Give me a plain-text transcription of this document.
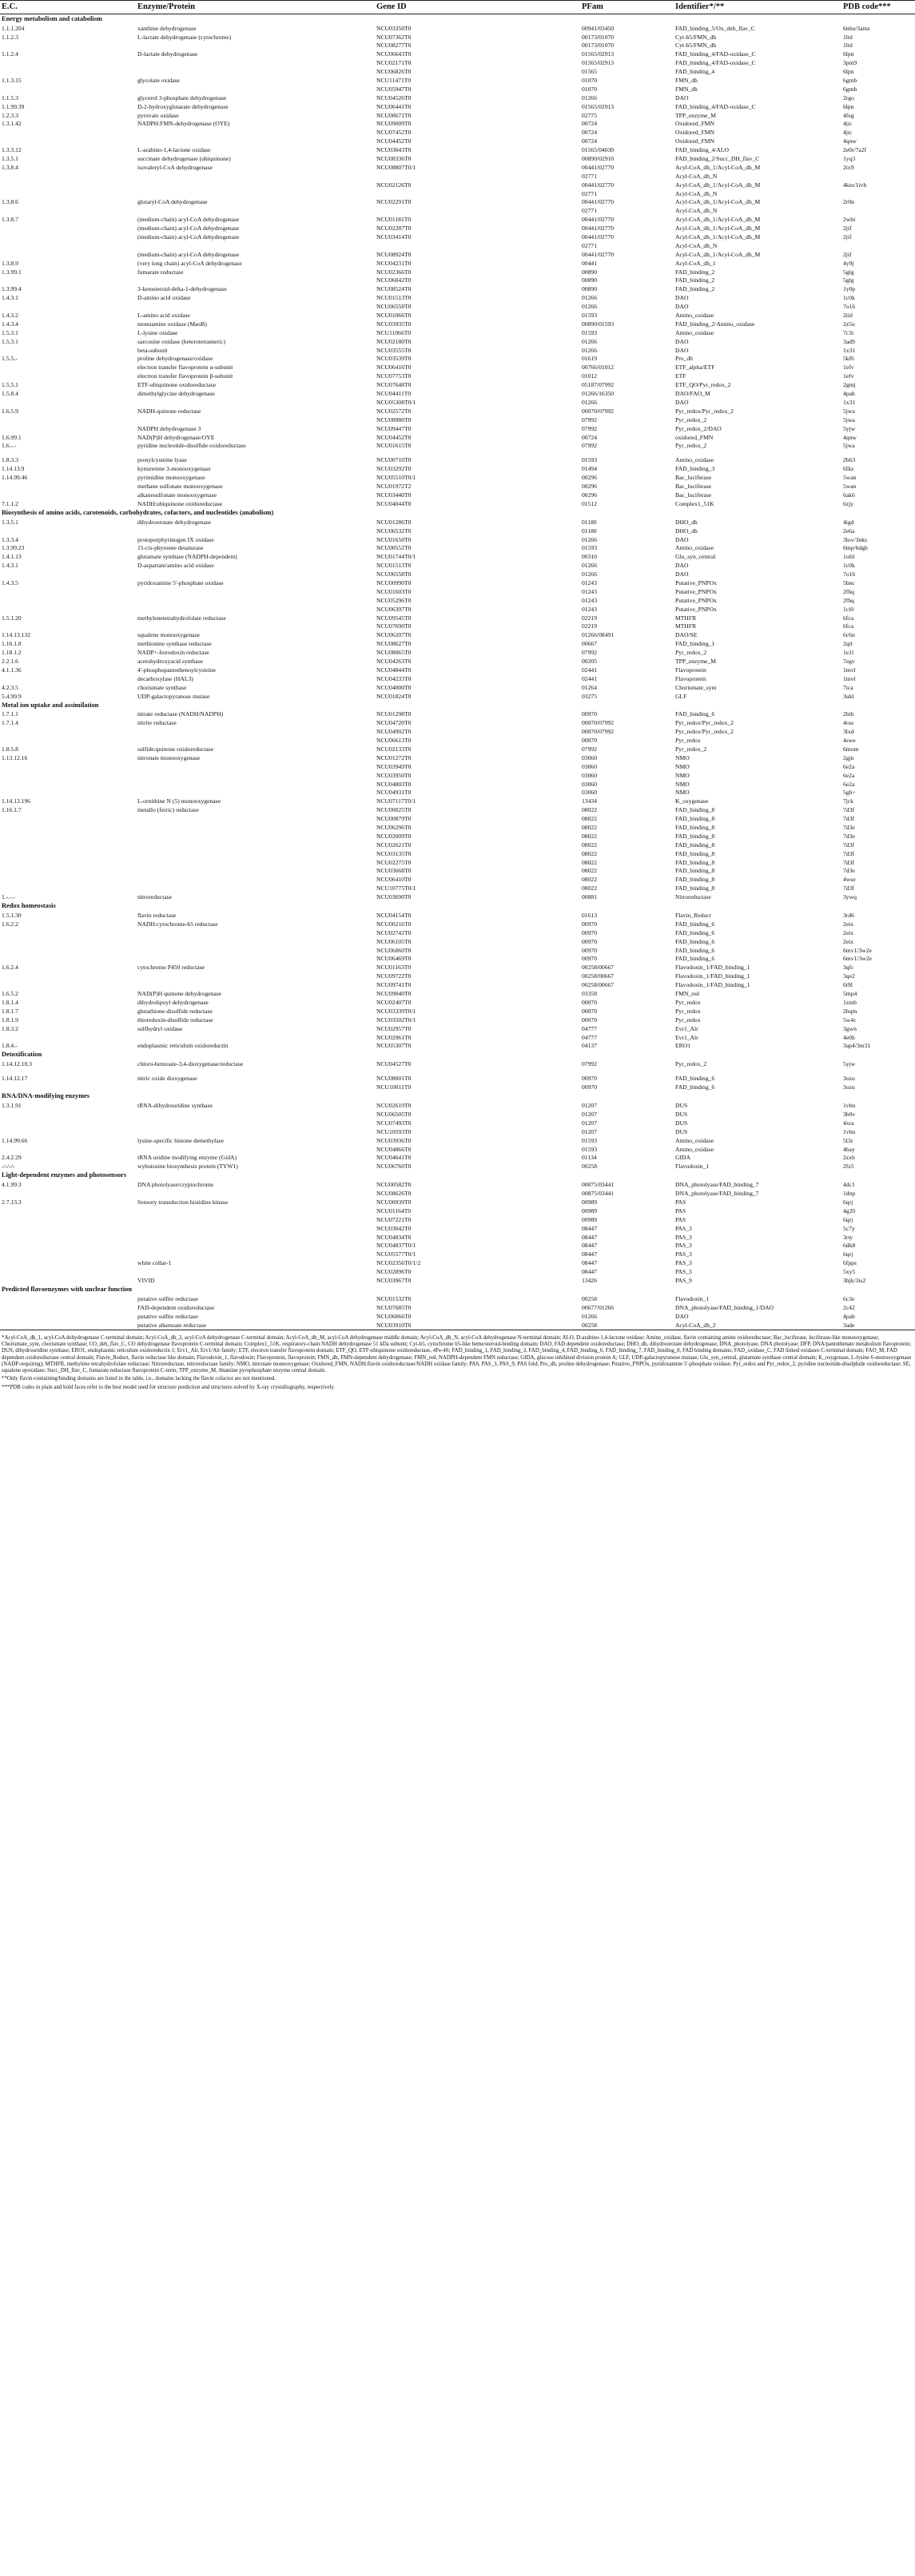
E.C.	Enzyme/Protein	Gene ID	PFam	Identifier*/**	PDB code***
Energy metabolism and catabolism					
1.1.1.204	xanthine dehydrogenase	NCU03350T0	00941/03450	FAD_binding_5/Ox_deh_flav_C	6nbu/3amz
1.1.2.3	L-lactate dehydrogenase (cytochrome)	NCU07362T0	00173/01070	Cyt-b5/FMN_dh	1ltd
		NCU08277T0	00173/01070	Cyt-b5/FMN_dh	1ltd
1.1.2.4	D-lactate dehydrogenase	NCU06643T0	01565/02913	FAD_binding_4/FAD-oxidase_C	6lpn
		NCU02171T0	01565/02913	FAD_binding_4/FAD-oxidase_C	3pm9
		NCU06826T0	01565	FAD_binding_4	6lpn
1.1.3.15	glycolate oxidase	NCU11471T0	01070	FMN_dh	6gmb
		NCU05947T0	01070	FMN_dh	6gmb
1.1.5.3	glycerol 3-phosphate dehydrogenase	NCU04526T0	01266	DAO	2rgo
1.1.99.39	D-2-hydroxyglutarate dehydrogenase	NCU06441T0	01565/02913	FAD_binding_4/FAD-oxidase_C	6lpn
1.2.3.3	pyruvate oxidase	NCU08671T0	02775	TPP_enzyme_M	4feg
1.3.1.42	NADPH:FMN-dehydrogenase (OYE)	NCU09009T0	00724	Oxidored_FMN	4jic
		NCU07452T0	00724	Oxidored_FMN	4jic
		NCU04452T0	00724	Oxidored_FMN	4qnw
1.3.3.12	L-arabino-1,4-lactone oxidase	NCU03043T0	01565/04030	FAD_binding_4/ALO	2e0r/7a2f
1.3.5.1	succinate dehydrogenase (ubiquinone)	NCU08336T0	00890/02910	FAD_binding_2/Succ_DH_flav_C	1yq3
1.3.8.4	isovaleryl-CoA dehydrogenase	NCU08807T0/1	00441/02770	Acyl-CoA_dh_1/Acyl-CoA_dh_M	2ix9
			02771	Acyl-CoA_dh_N	
		NCU02126T0	00441/02770	Acyl-CoA_dh_1/Acyl-CoA_dh_M	4kto/1ivh
			02771	Acyl-CoA_dh_N	
1.3.8.6	glutaryl-CoA dehydrogenase	NCU02291T0	00441/02770	Acyl-CoA_dh_1/Acyl-CoA_dh_M	2r0n
			02771	Acyl-CoA_dh_N	
1.3.8.7	(medium-chain) acyl-CoA dehydrogenase	NCU01181T0	00441/02770	Acyl-CoA_dh_1/Acyl-CoA_dh_M	2wbi
	(medium-chain) acyl-CoA dehydrogenase	NCU02287T0	00441/02770	Acyl-CoA_dh_1/Acyl-CoA_dh_M	2jif
	(medium-chain) acyl-CoA dehydrogenase	NCU03414T0	00441/02770	Acyl-CoA_dh_1/Acyl-CoA_dh_M	2jif
			02771	Acyl-CoA_dh_N	
	(medium-chain) acyl-CoA dehydrogenase	NCU08924T0	00441/02770	Acyl-CoA_dh_1/Acyl-CoA_dh_M	2jif
1.3.8.9	(very long chain) acyl-CoA dehydrogenase	NCU04231T0	00441	Acyl-CoA_dh_1	4y9j
1.3.99.1	fumarate reductase	NCU02366T0	00890	FAD_binding_2	5glg
		NCU06042T0	00890	FAD_binding_2	5glg
1.3.99.4	3-ketosteroid-delta-1-dehydrogenase	NCU08524T0	00890	FAD_binding_2	1y0p
1.4.3.1	D-amino acid oxidase	NCU01513T0	01266	DAO	1c0k
		NCU06558T0	01266	DAO	7o16
1.4.3.2	L-amino acid oxidase	NCU01066T0	01593	Amino_oxidase	2iid
1.4.3.4	monoamine oxidase (MaoB)	NCU03935T0	00890/01593	FAD_binding_2/Amino_oxidase	2z5u
1.5.3.1	L-lysine oxidase	NCU11066T0	01593	Amino_oxidase	7c3i
1.5.3.1	sarcosine oxidase (heterotetrameric)	NCU02180T0	01266	DAO	3ad9
	beta-subunit	NCU03555T0	01266	DAO	1x31
1.5.5.-	proline dehydrogenase/oxidase	NCU03539T0	01619	Pro_dh	5kf6
	electron transfer flavoprotein α-subunit	NCU06416T0	00766/01012	ETF_alpha/ETF	1efv
	electron transfer flavoprotein β-subunit	NCU07753T0	01012	ETF	1efv
1.5.5.1	ETF-ubiquinone oxidoreductase	NCU07648T0	05187/07992	ETF_QO/Pyr_redox_2	2gmj
1.5.8.4	dimethylglycine dehydrogenase	NCU04411T0	01266/16350	DAO/FAO_M	4pab
		NCU05308T0/1	01266	DAO	1x31
1.6.5.9	NADH-quinone reductase	NCU02572T0	00070/07992	Pyr_redox/Pyr_redox_2	5jwa
		NCU08980T0	07992	Pyr_redox_2	5jwa
	NADPH dehydrogenase 3	NCU09447T0	07992	Pyr_redox_2/DAO	5yjw
1.6.99.1	NAD(P)H dehydrogenase/OYE	NCU04452T0	00724	oxidored_FMN	4qnw
1.6.-.-	pyridine nucleotide-disulfide oxidoreductase	NCU01615T0	07992	Pyr_redox_2	5jwa
1.8.3.3	prenylcysteine lyase	NCU00710T0	01593	Amino_oxidase	2b63
1.14.13.9	kynurenine 3-monooxygenase	NCU03292T0	01494	FAD_binding_3	6fkz
1.14.99.46	pyrimidine monooxygenase	NCU05510T0/1	00296	Bac_luciferase	5wan
	methane sulfonate monooxygenase	NCU01972T2	00296	Bac_luciferase	5wan
	alkanesulfonate monooxygenase	NCU03440T0	00296	Bac_luciferase	6ak6
7.1.1.2	NADH:ubiquinone oxidoreductase	NCU04044T0	01512	Complex1_51K	6zjy
Biosynthesis of amino acids, carotenoids, carbohydrates, cofactors, and nucleotides (anabolism)					
1.3.5.1	dihydroorotate dehydrogenase	NCU01286T0	01180	DHO_dh	4igd
		NCU06532T0	01180	DHO_dh	2e6a
1.3.3.4	protoporphyrinogen IX oxidase	NCU01650T0	01266	DAO	3lov/3nks
1.3.99.23	15-cis-phytoene desaturase	NCU00552T0	01593	Amino_oxidase	6tnp/6dgh
1.4.1.13	glutamate synthase (NADPH-dependent)	NCU01744T0/1	00310	Glu_syn_central	1ofd
1.4.3.1	D-aspartate/amino acid oxidase	NCU01513T0	01266	DAO	1c0k
		NCU06558T0	01266	DAO	7o16
1.4.3.5	pyridoxamine 5'-phosphate oxidase	NCU00990T0	01243	Putative_PNPOx	5bnc
		NCU01603T0	01243	Putative_PNPOx	2fhq
		NCU05296T0	01243	Putative_PNPOx	2fhq
		NCU06397T0	01243	Putative_PNPOx	1ci0
1.5.1.20	methylenetetrahydrofolate reductase	NCU09545T0	02219	MTHFR	6fca
		NCU07690T0	02219	MTHFR	6fca
1.14.13.132	squalene monooxygenase	NCU06207T0	01266/08491	DAO/SE	6c6n
1.16.1.8	methionine synthase reductase	NCU08627T0	00667	FAD_binding_1	2qtl
1.18.1.2	NADP+-ferredoxin reductase	NCU08065T0	07992	Pyr_redox_2	1e1l
2.2.1.6	acetohydroxyacid synthase	NCU04263T0	00205	TPP_enzyme_M	7egv
4.1.1.36	4'-phosphopantothenoylcysteine	NCU04844T0	02441	Flavoprotein	1mvl
	decarboxylase (HAL3)	NCU04233T0	02441	Flavoprotein	1mvl
4.2.3.5	chorismate synthase	NCU04000T0	01264	Chorismate_synt	7ica
5.4.99.9	UDP-galactopyranose mutase	NCU01824T0	03275	GLF	3ukl
Metal ion uptake and assimilation					
1.7.1.1	nitrate reductase (NADH/NADPH)	NCU01298T0	00970	FAD_binding_6	2bih
1.7.1.4	nitrite reductase	NCU04720T0	00070/07992	Pyr_redox/Pyr_redox_2	4rsu
		NCU04902T0	00070/07992	Pyr_redox/Pyr_redox_2	3lxd
		NCU06613T0	00070	Pyr_redox	4swe
1.8.5.8	sulfide:quinone oxidoreductase	NCU02133T0	07992	Pyr_redox_2	6mom
1.13.12.16	nitronate monooxygenase	NCU01272T0	03060	NMO	2gjn
		NCU03949T0	03060	NMO	6e2a
		NCU03950T0	03060	NMO	6e2a
		NCU04803T0	03060	NMO	6e2a
		NCU04931T0	03060	NMO	5gh+
1.14.13.196	L-ornithine N (5) monooxygenase	NCU07117T0/1	13434	K_oxygenase	7jck
1.16.1.7	metallo (ferric) reductase	NCU00025T0	08022	FAD_binding_8	7d3f
		NCU00879T0	08022	FAD_binding_8	7d3f
		NCU06296T0	08022	FAD_binding_8	7d3e
		NCU02009T0	08022	FAD_binding_8	7d3e
		NCU02621T0	08022	FAD_binding_8	7d3f
		NCU03135T0	08022	FAD_binding_8	7d3f
		NCU02275T0	08022	FAD_binding_8	7d3f
		NCU03668T0	08022	FAD_binding_8	7d3e
		NCU06410T0	08022	FAD_binding_8	4wse
		NCU10775T0/1	08022	FAD_binding_8	7d3f
1.-.-.-	nitroreductase	NCU03690T0	00881	Nitroreductase	3ywq
Redox homeostasis					
1.5.1.30	flavin reductase	NCU04154T0	01613	Flavin_Reduct	3rd6
1.6.2.2	NADH:cytochrome-b5 reductase	NCU00216T0	00970	FAD_binding_6	2eix
		NCU02742T0	00970	FAD_binding_6	2eix
		NCU06105T0	00970	FAD_binding_6	2eix
		NCU06060T0	00970	FAD_binding_6	6mv1/3w2e
		NCU06469T0	00970	FAD_binding_6	6mv1/3w2e
1.6.2.4	cytochrome P450 reductase	NCU01163T0	00258/00667	Flavodoxin_1/FAD_binding_1	3qfc
		NCU09722T0	00258/00667	Flavodoxin_1/FAD_binding_1	3qe2
		NCU09741T0	00258/00667	Flavodoxin_1/FAD_binding_1	6t9l
1.6.5.2	NAD(P)H quinone dehydrogenase	NCU09040T0	03358	FMN_red	5mp4
1.8.1.4	dihydrolipoyl dehydrogenase	NCU02407T0	00070	Pyr_redox	1zmb
1.8.1.7	glutathione-disulfide reductase	NCU03339T0/1	00070	Pyr_redox	2hqm
1.8.1.9	thioredoxin-disulfide reductase	NCU03502T0/1	00070	Pyr_redox	5w4c
1.8.3.2	sulfhydryl oxidase	NCU02957T0	04777	Evr1_Alr	3gwn
		NCU02961T0	04777	Evr1_Alr	4e0h
1.8.4.-	endoplasmic reticulum oxidoreductin	NCU05307T0	04137	ERO1	3ap4/3m31
Detoxification					
1.14.12.10.3	chloro-benzoate-3,4-dioxygenase/reductase	NCU04527T0	07992	Pyr_redox_2	5yjw
1.14.12.17	nitric oxide dioxygenase	NCU08001T0	00970	FAD_binding_6	3ozu
		NCU10011T0	00970	FAD_binding_6	3ozu
RNA/DNA-modifying enzymes					
1.3.1.91	tRNA-dihydrouridine synthase	NCU02619T0	01207	DUS	1vhn
		NCU06505T0	01207	DUS	3b0v
		NCU07493T0	01207	DUS	4xra
		NCU10593T0	01207	DUS	1vhn
1.14.99.66	lysine-specific histone demethylase	NCU03936T0	01593	Amino_oxidase	5l3c
		NCU04866T0	01593	Amino_oxidase	4bay
2.4.2.29	tRNA uridine modifying enzyme (GidA)	NCU04641T0	01134	GIDA	2zxh
-/-/-/-	wybutosine biosynthesis protein (TYW1)	NCU06760T0	00258	Flavodoxin_1	2fz5
Light-dependent enzymes and photosensors					
4.1.99.3	DNA photolyase/cryptochrome	NCU00582T0	00875/03441	DNA_photolyase/FAD_binding_7	4dc1
		NCU08626T0	00875/03441	DNA_photolyase/FAD_binding_7	1dnp
2.7.13.3	Sensory transduction histidine kinase	NCU00939T0	00989	PAS	6qrj
		NCU01164T0	00989	PAS	4g20
		NCU07221T0	00989	PAS	6qrj
		NCU03042T0	08447	PAS_3	5c7y
		NCU04834T0	08447	PAS_3	3rty
		NCU04837T0/1	08447	PAS_3	6dk8
		NCU05577T0/1	08447	PAS_3	6qrj
	white collar-1	NCU02356T0/1/2	08447	PAS_3	6fpps
		NCU02896T0	08447	PAS_3	5xy5
	VIVID	NCU03967T0	13426	PAS_9	3hjk/3is2
Predicted flavoenzymes with unclear function					
	putative sulfite reductase	NCU01532T0	00258	Flavodoxin_1	6c3e
	FAD-dependent oxidoreductase	NCU07685T0	00677/01266	DNA_photolyase/FAD_binding_1/DAO	2c42
	putative sulfite reductase	NCU06066T0	01266	DAO	4pab
	putative alkenoate reductase	NCU03910T0	00258	Acyl-CoA_dh_2	3ade
*Acyl-CoA_dh_1, acyl-CoA dehydrogenase C-terminal domain; Acyl-CoA_dh_2, acyl-CoA dehydrogenase C-terminal domain; Acyl-CoA_dh_M, acyl-CoA dehydrogenase middle domain; Acyl-CoA_dh_N, acyl-CoA dehydrogenase N-terminal domain; ALO, D-arabino-1,4-lactone oxidase; Amino_oxidase, flavin containing amine oxidoreductase; Bac_luciferase, luciferase-like monooxygenase; Chorismate_synt, chorismate synthase; CO_deh_flav_C, CO dehydrogenase flavoprotein C-terminal domain; Complex1_51K, respiratory-chain NADH dehydrogenase 51 kDa subunit; Cyt-b5, cytochrome b5-like heme/steroid-binding domain; DAO, FAD dependent oxidoreductase; DHO_dh, dihydroorotate dehydrogenase; DNA_photolyase, DNA photolyase; DFP, DNA/pantothenate metabolism flavoprotein; DUS, dihydrouridine synthase; ERO1, endoplasmic reticulum oxidoreductin 1; Erv1_Alr, Erv1/Alr family; ETF, electron transfer flavoprotein domain; ETF_QO, ETF-ubiquinone oxidoreductase, 4Fe-4S; FAD_binding_1, FAD_binding_3, FAD_binding_4, FAD_binding_6, FAD_binding_7, FAD_binding_8, FAD binding domains; FAD_oxidase_C, FAD linked oxidases C-terminal domain; FAO_M, FAD dependent oxidoreductase central domain; Flavin_Reduct, flavin reductase like domain; Flavodoxin_1, flavodoxin; Flavoprotein, flavoprotein; FMN_dh, FMN-dependent dehydrogenase; FMN_red, NADPH-dependent FMN reductase; GIDA, glucose inhibited division protein A; GLF, UDP-galactopyranose mutase; Glu_syn_central, glutamate synthase central domain; K_oxygenase, L-lysine 6-monooxygenase (NADP-requiring); MTHFR, methylene tetrahydrofolate reductase; Nitroreductase, nitroreductase family; NMO, nitronate monooxygenase; Oxidored_FMN, NADH:flavin oxidoreductase/NADH oxidase family; PAS, PAS_3, PAS_9, PAS fold; Pro_dh, proline dehydrogenase; Putative_PNPOx, pyridoxamine 5'-phosphate oxidase; Pyr_redox and Pyr_redox_2, pyridine nucleotide-disulphide oxidoreductase; SE, squalene epoxidase; Succ_DH_flav_C, fumarate reductase flavoprotein C-term; TPP_enzyme_M, thiamine pyrophosphate enzyme central domain.					
**Only flavin-containing/binding domains are listed in the table, i.e., domains lacking the flavin cofactor are not mentioned.					
***PDB codes in plain and bold faces refer to the best model used for structure prediction and structures solved by X-ray crystallography, respectively.					
